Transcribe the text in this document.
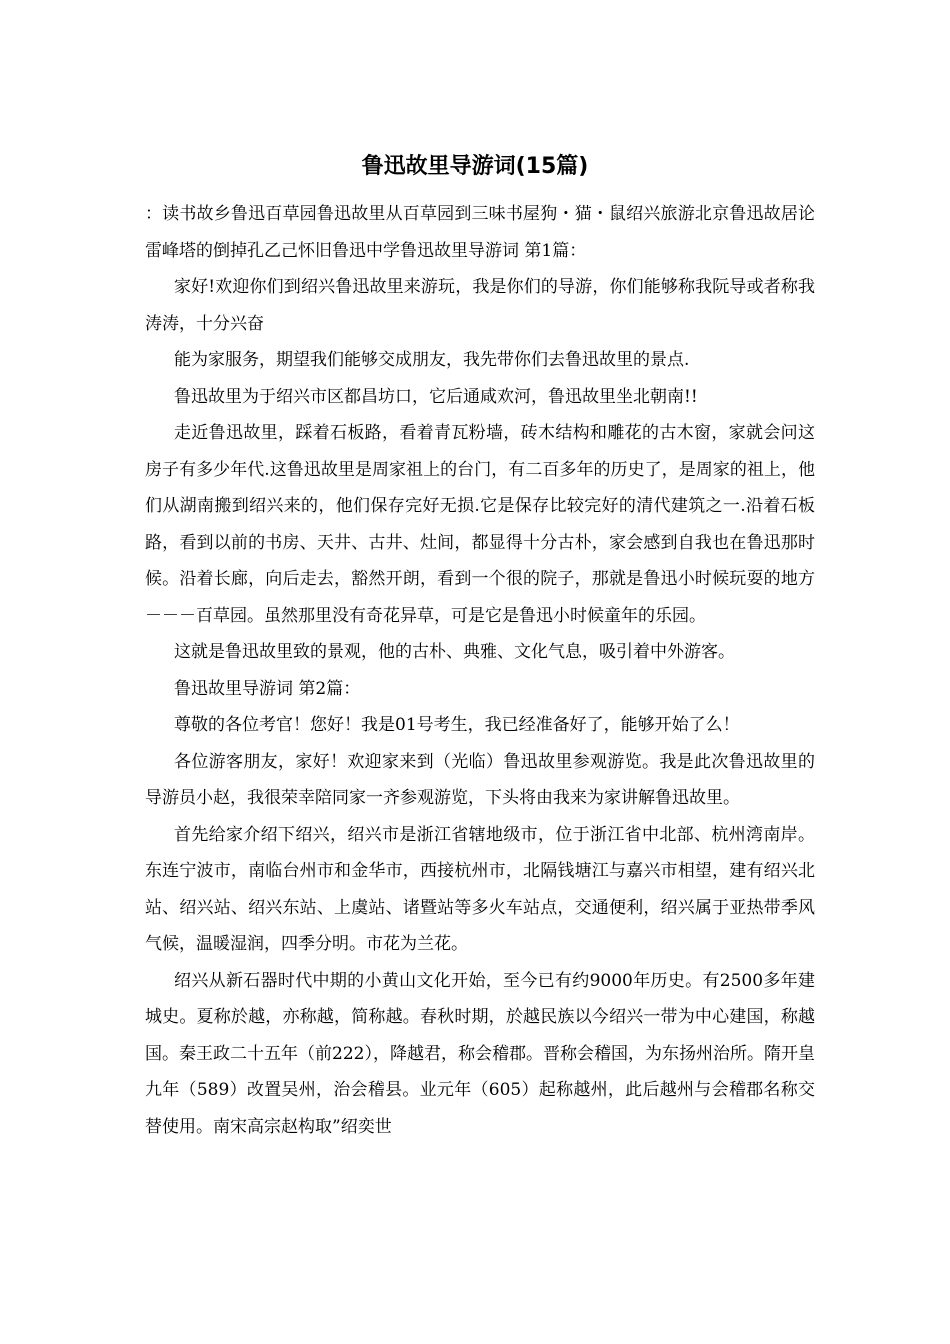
鲁迅故里导游词(15篇)

：读书故乡鲁迅百草园鲁迅故里从百草园到三味书屋狗・猫・鼠绍兴旅游北京鲁迅故居论雷峰塔的倒掉孔乙己怀旧鲁迅中学鲁迅故里导游词 第1篇：

家好!欢迎你们到绍兴鲁迅故里来游玩，我是你们的导游，你们能够称我阮导或者称我涛涛，十分兴奋

能为家服务，期望我们能够交成朋友，我先带你们去鲁迅故里的景点.

鲁迅故里为于绍兴市区都昌坊口，它后通咸欢河，鲁迅故里坐北朝南!!

走近鲁迅故里，踩着石板路，看着青瓦粉墙，砖木结构和雕花的古木窗，家就会问这房子有多少年代.这鲁迅故里是周家祖上的台门，有二百多年的历史了，是周家的祖上，他们从湖南搬到绍兴来的，他们保存完好无损.它是保存比较完好的清代建筑之一.沿着石板路，看到以前的书房、天井、古井、灶间，都显得十分古朴，家会感到自我也在鲁迅那时候。沿着长廊，向后走去，豁然开朗，看到一个很的院子，那就是鲁迅小时候玩耍的地方－－－百草园。虽然那里没有奇花异草，可是它是鲁迅小时候童年的乐园。

这就是鲁迅故里致的景观，他的古朴、典雅、文化气息，吸引着中外游客。

鲁迅故里导游词 第2篇：

尊敬的各位考官！您好！我是01号考生，我已经准备好了，能够开始了么！

各位游客朋友，家好！欢迎家来到（光临）鲁迅故里参观游览。我是此次鲁迅故里的导游员小赵，我很荣幸陪同家一齐参观游览，下头将由我来为家讲解鲁迅故里。

首先给家介绍下绍兴，绍兴市是浙江省辖地级市，位于浙江省中北部、杭州湾南岸。东连宁波市，南临台州市和金华市，西接杭州市，北隔钱塘江与嘉兴市相望，建有绍兴北站、绍兴站、绍兴东站、上虞站、诸暨站等多火车站点，交通便利，绍兴属于亚热带季风气候，温暖湿润，四季分明。市花为兰花。

绍兴从新石器时代中期的小黄山文化开始，至今已有约9000年历史。有2500多年建城史。夏称於越，亦称越，简称越。春秋时期，於越民族以今绍兴一带为中心建国，称越国。秦王政二十五年（前222），降越君，称会稽郡。晋称会稽国，为东扬州治所。隋开皇九年（589）改置吴州，治会稽县。业元年（605）起称越州，此后越州与会稽郡名称交替使用。南宋高宗赵构取”绍奕世
